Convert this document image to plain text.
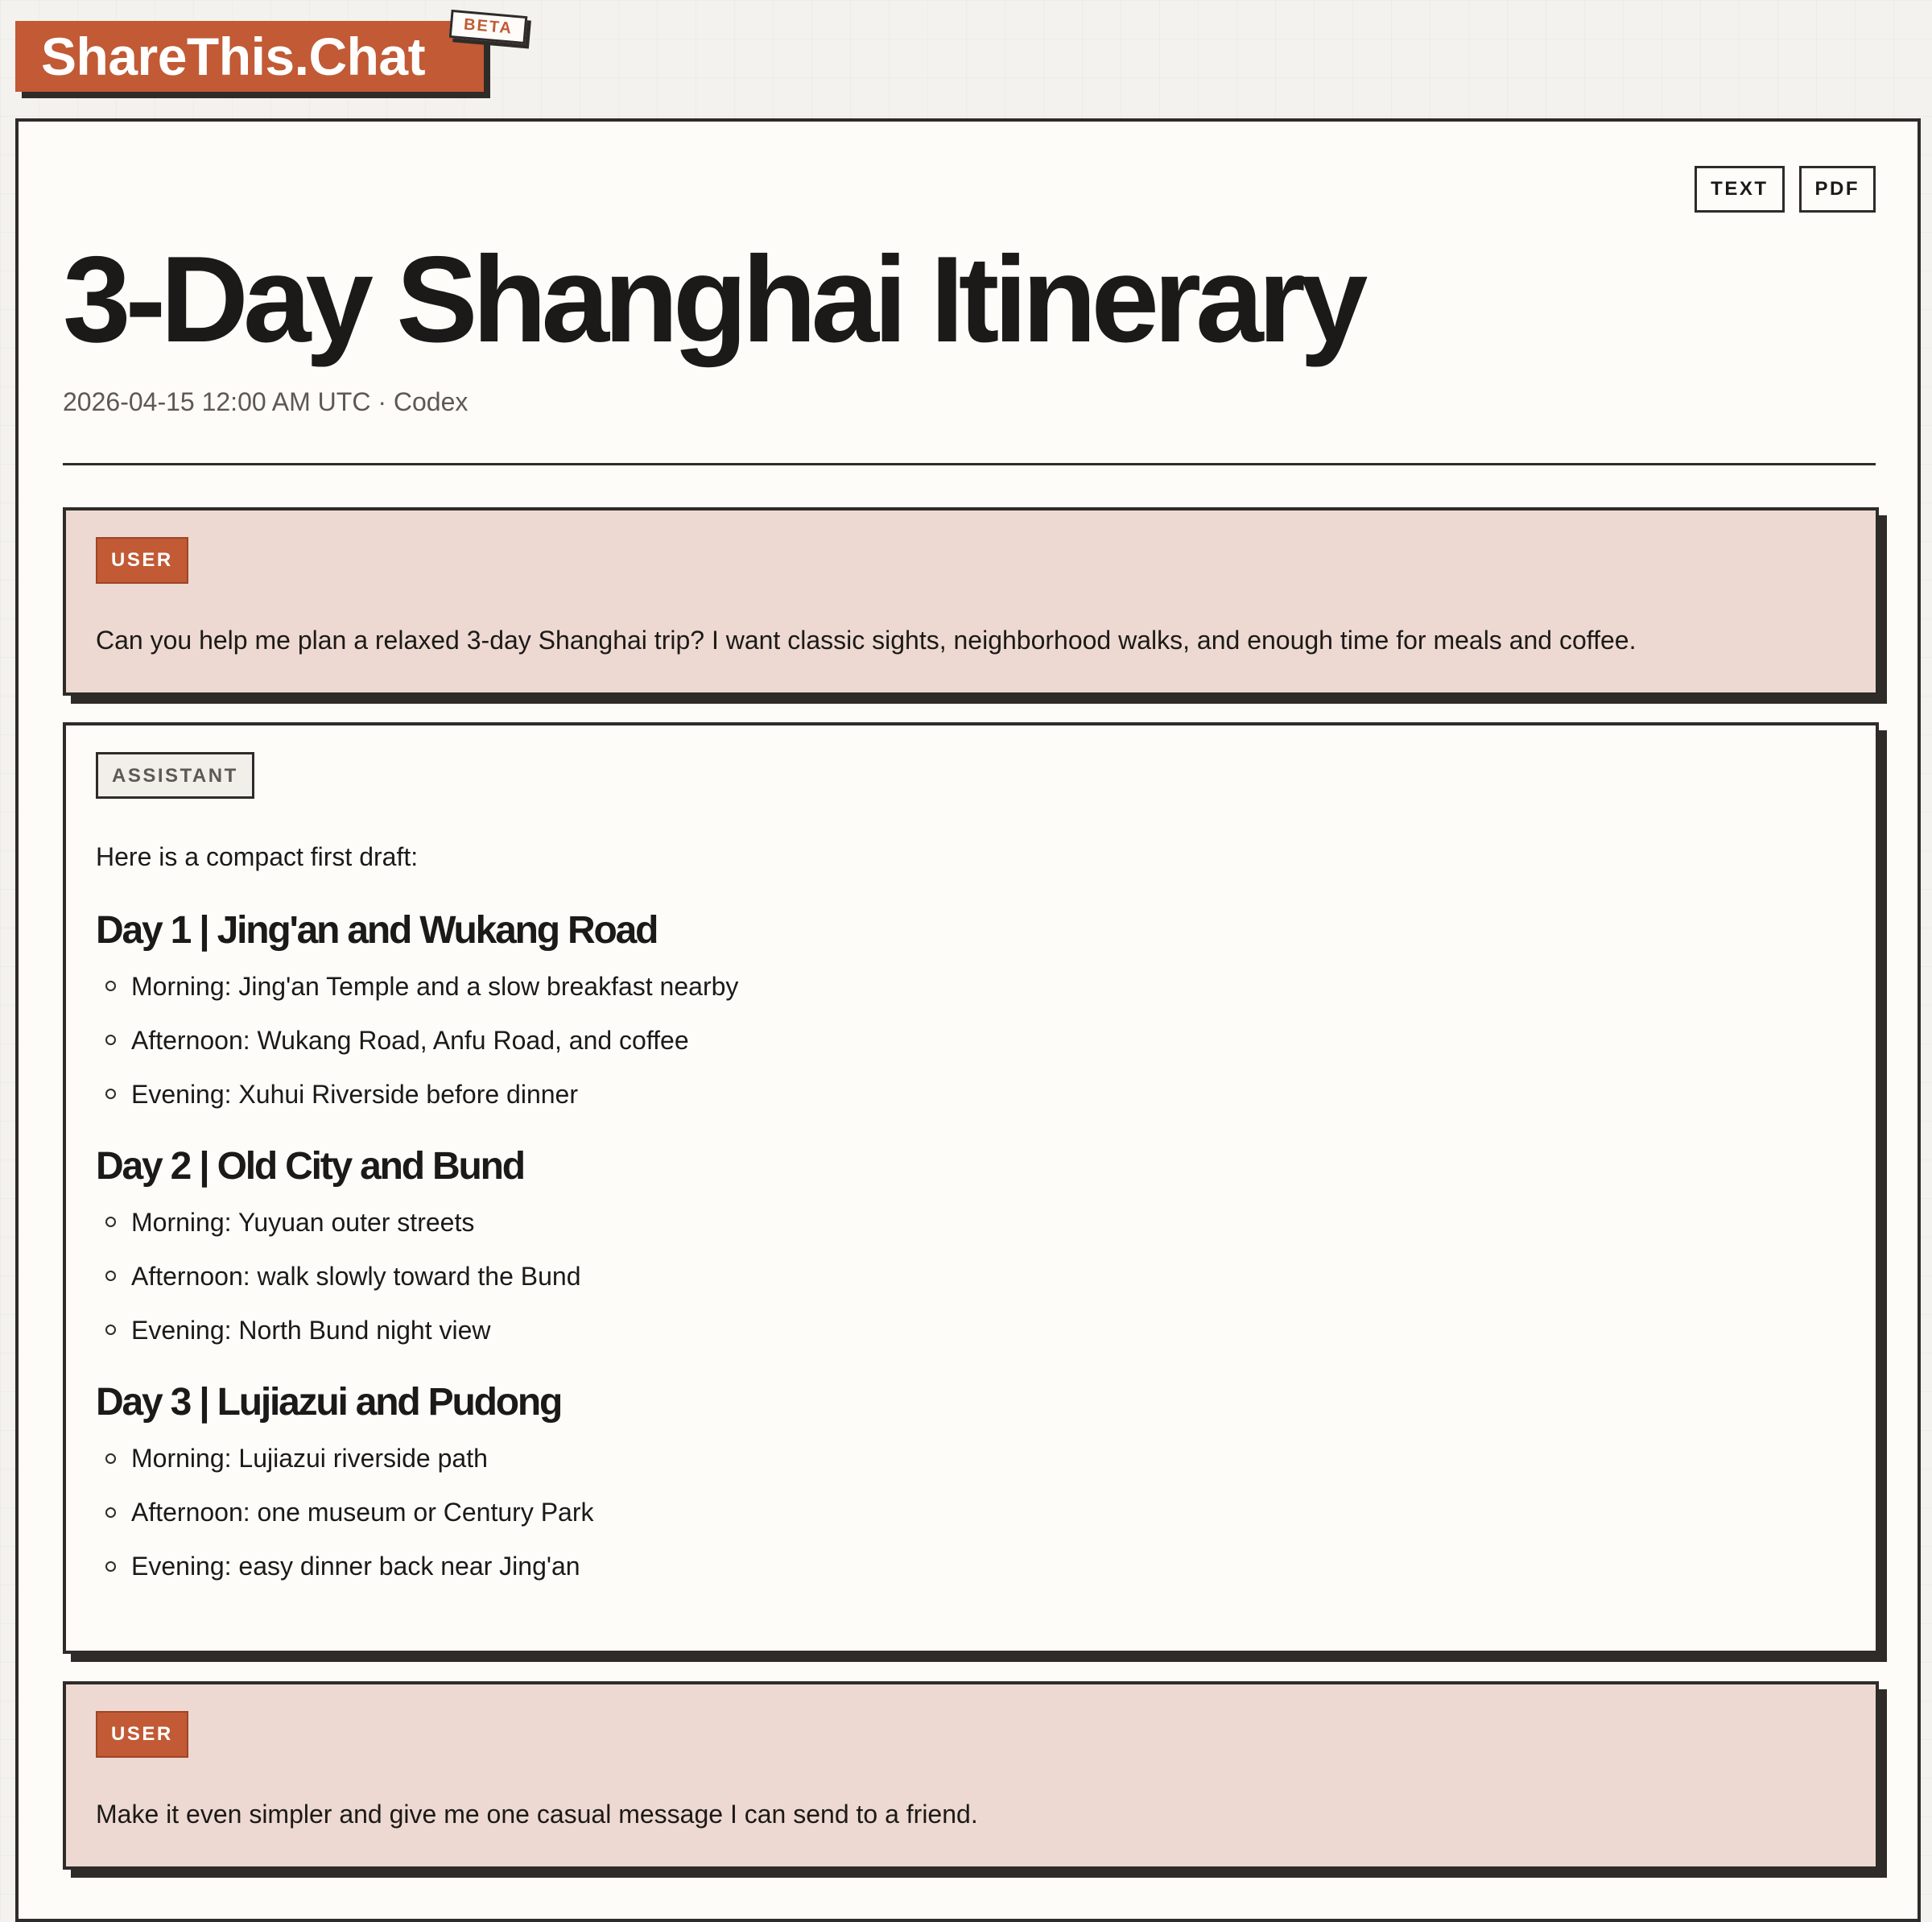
ShareThis.Chat	BETA
TEXT	PDF
3-Day Shanghai Itinerary
2026-04-15 12:00 AM UTC · Codex
USER

Can you help me plan a relaxed 3-day Shanghai trip? I want classic sights, neighborhood walks, and enough time for meals and coffee.

ASSISTANT

Here is a compact first draft:

Day 1 | Jing'an and Wukang Road
Morning: Jing'an Temple and a slow breakfast nearby
Afternoon: Wukang Road, Anfu Road, and coffee
Evening: Xuhui Riverside before dinner
Day 2 | Old City and Bund
Morning: Yuyuan outer streets
Afternoon: walk slowly toward the Bund
Evening: North Bund night view
Day 3 | Lujiazui and Pudong
Morning: Lujiazui riverside path
Afternoon: one museum or Century Park
Evening: easy dinner back near Jing'an
USER

Make it even simpler and give me one casual message I can send to a friend.
